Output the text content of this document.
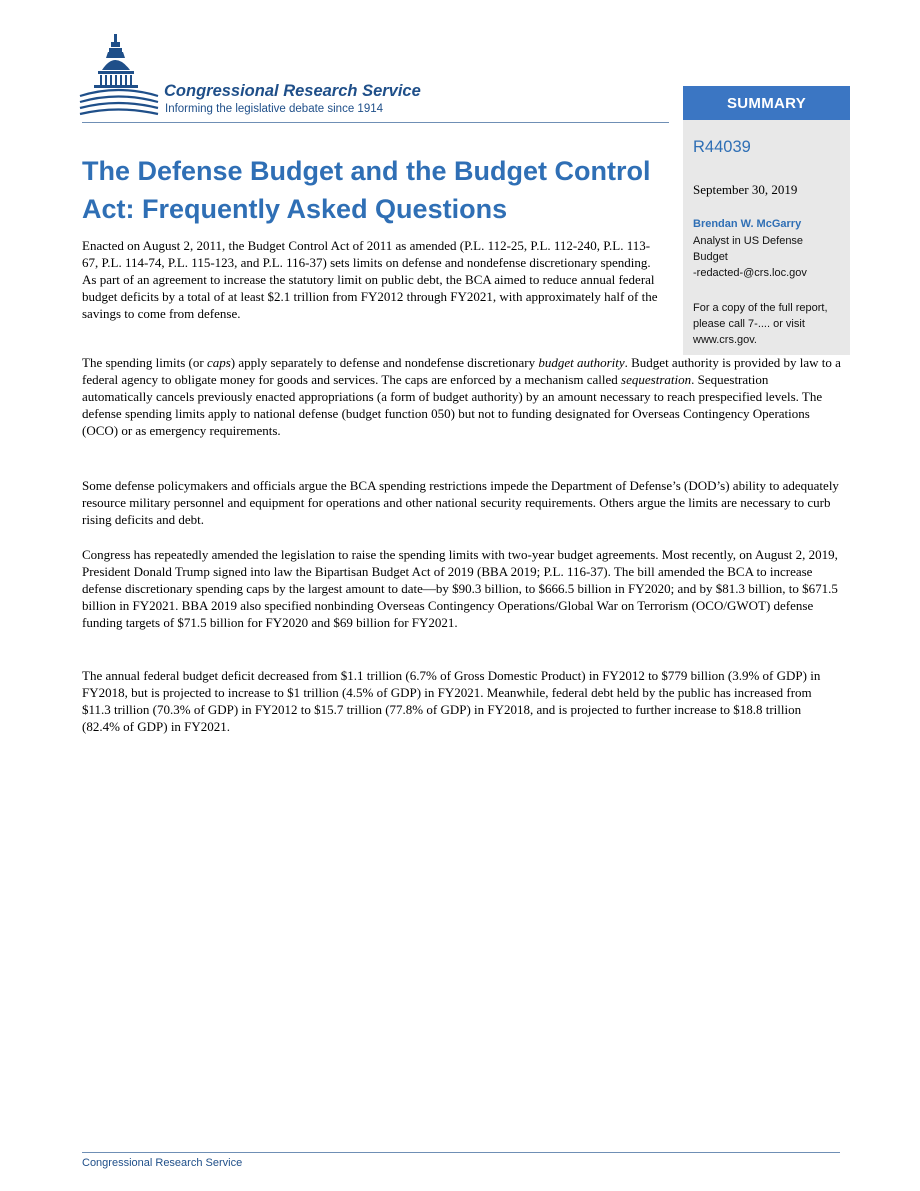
Congressional Research Service
Informing the legislative debate since 1914	SUMMARY
R44039
September 30, 2019
Brendan W. McGarry
Analyst in US Defense
Budget
-redacted-@crs.loc.gov
For a copy of the full report, please call 7-.... or visit www.crs.gov.
The Defense Budget and the Budget Control Act: Frequently Asked Questions

Enacted on August 2, 2011, the Budget Control Act of 2011 as amended (P.L. 112-25, P.L. 112-240, P.L. 113-67, P.L. 114-74, P.L. 115-123, and P.L. 116-37) sets limits on defense and nondefense discretionary spending. As part of an agreement to increase the statutory limit on public debt, the BCA aimed to reduce annual federal budget deficits by a total of at least $2.1 trillion from FY2012 through FY2021, with approximately half of the savings to come from defense.

The spending limits (or caps) apply separately to defense and nondefense discretionary budget authority. Budget authority is provided by law to a federal agency to obligate money for goods and services. The caps are enforced by a mechanism called sequestration. Sequestration automatically cancels previously enacted appropriations (a form of budget authority) by an amount necessary to reach prespecified levels. The defense spending limits apply to national defense (budget function 050) but not to funding designated for Overseas Contingency Operations (OCO) or as emergency requirements.

Some defense policymakers and officials argue the BCA spending restrictions impede the Department of Defense’s (DOD’s) ability to adequately resource military personnel and equipment for operations and other national security requirements. Others argue the limits are necessary to curb rising deficits and debt.

Congress has repeatedly amended the legislation to raise the spending limits with two-year budget agreements. Most recently, on August 2, 2019, President Donald Trump signed into law the Bipartisan Budget Act of 2019 (BBA 2019; P.L. 116-37). The bill amended the BCA to increase defense discretionary spending caps by the largest amount to date—by $90.3 billion, to $666.5 billion in FY2020; and by $81.3 billion, to $671.5 billion in FY2021. BBA 2019 also specified nonbinding Overseas Contingency Operations/Global War on Terrorism (OCO/GWOT) defense funding targets of $71.5 billion for FY2020 and $69 billion for FY2021.

The annual federal budget deficit decreased from $1.1 trillion (6.7% of Gross Domestic Product) in FY2012 to $779 billion (3.9% of GDP) in FY2018, but is projected to increase to $1 trillion (4.5% of GDP) in FY2021. Meanwhile, federal debt held by the public has increased from $11.3 trillion (70.3% of GDP) in FY2012 to $15.7 trillion (77.8% of GDP) in FY2018, and is projected to further increase to $18.8 trillion (82.4% of GDP) in FY2021.

Congressional Research Service
